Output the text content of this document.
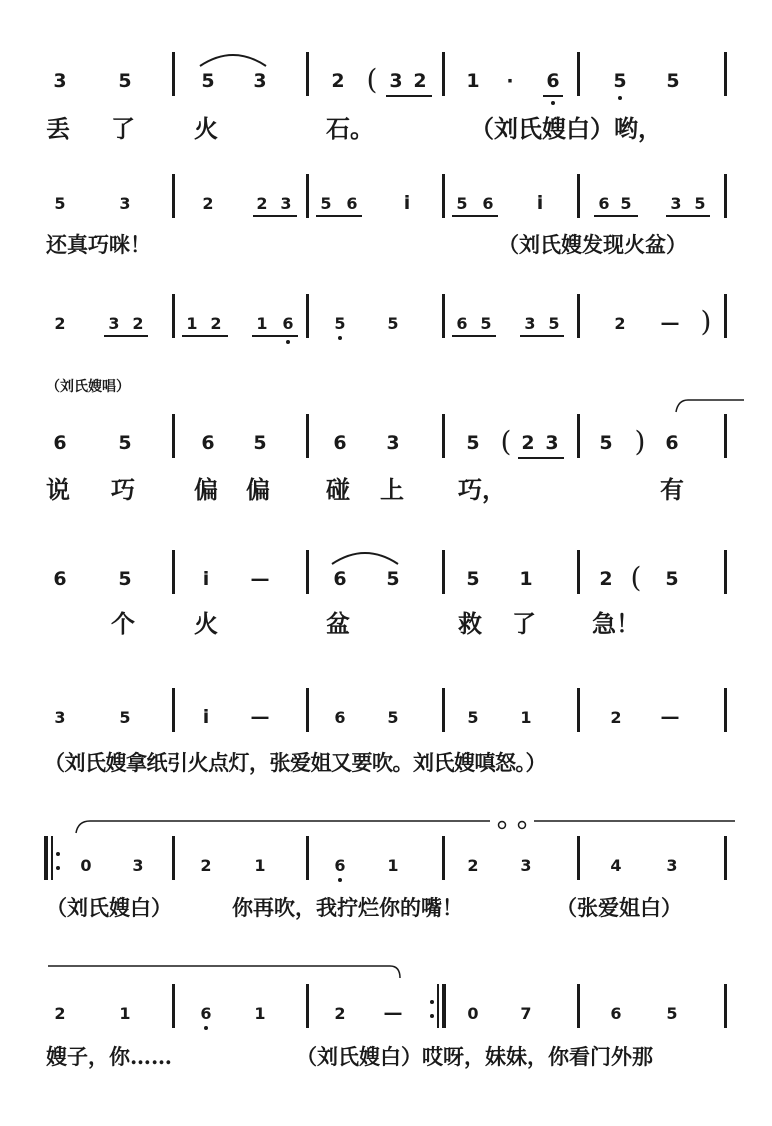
3	5	5 3	2 ( 3 2 1 · 6	5 5
丢 了 火	石。	（刘氏嫂白）哟，
5	3	2	2 3 5 6 i	5 6 i	6 5 3 5
还真巧咪！	（刘氏嫂发现火盆）
2	3 2	1 2 1 6	5	5	6 5 3 5	2 — )
（刘氏嫂唱）
6	5	6 5	6 3	5 ( 2 3 5 ) 6
说 巧 偏 偏 碰 上 巧，	有
6	5	i —	6 5	5 1	2 ( 5
个 火	盆	救 了 急！
3	5	i —	6	5	5	1	2 —
（刘氏嫂拿纸引火点灯，张爱姐又要吹。刘氏嫂嗔怒。）
0	3	2	1	6	1	2	3	4	3
（刘氏嫂白）	你再吹，我拧烂你的嘴！	（张爱姐白）
2	1	6	1	2 —	0	7	6	5
嫂子，你……	（刘氏嫂白）哎呀，妹妹，你看门外那
